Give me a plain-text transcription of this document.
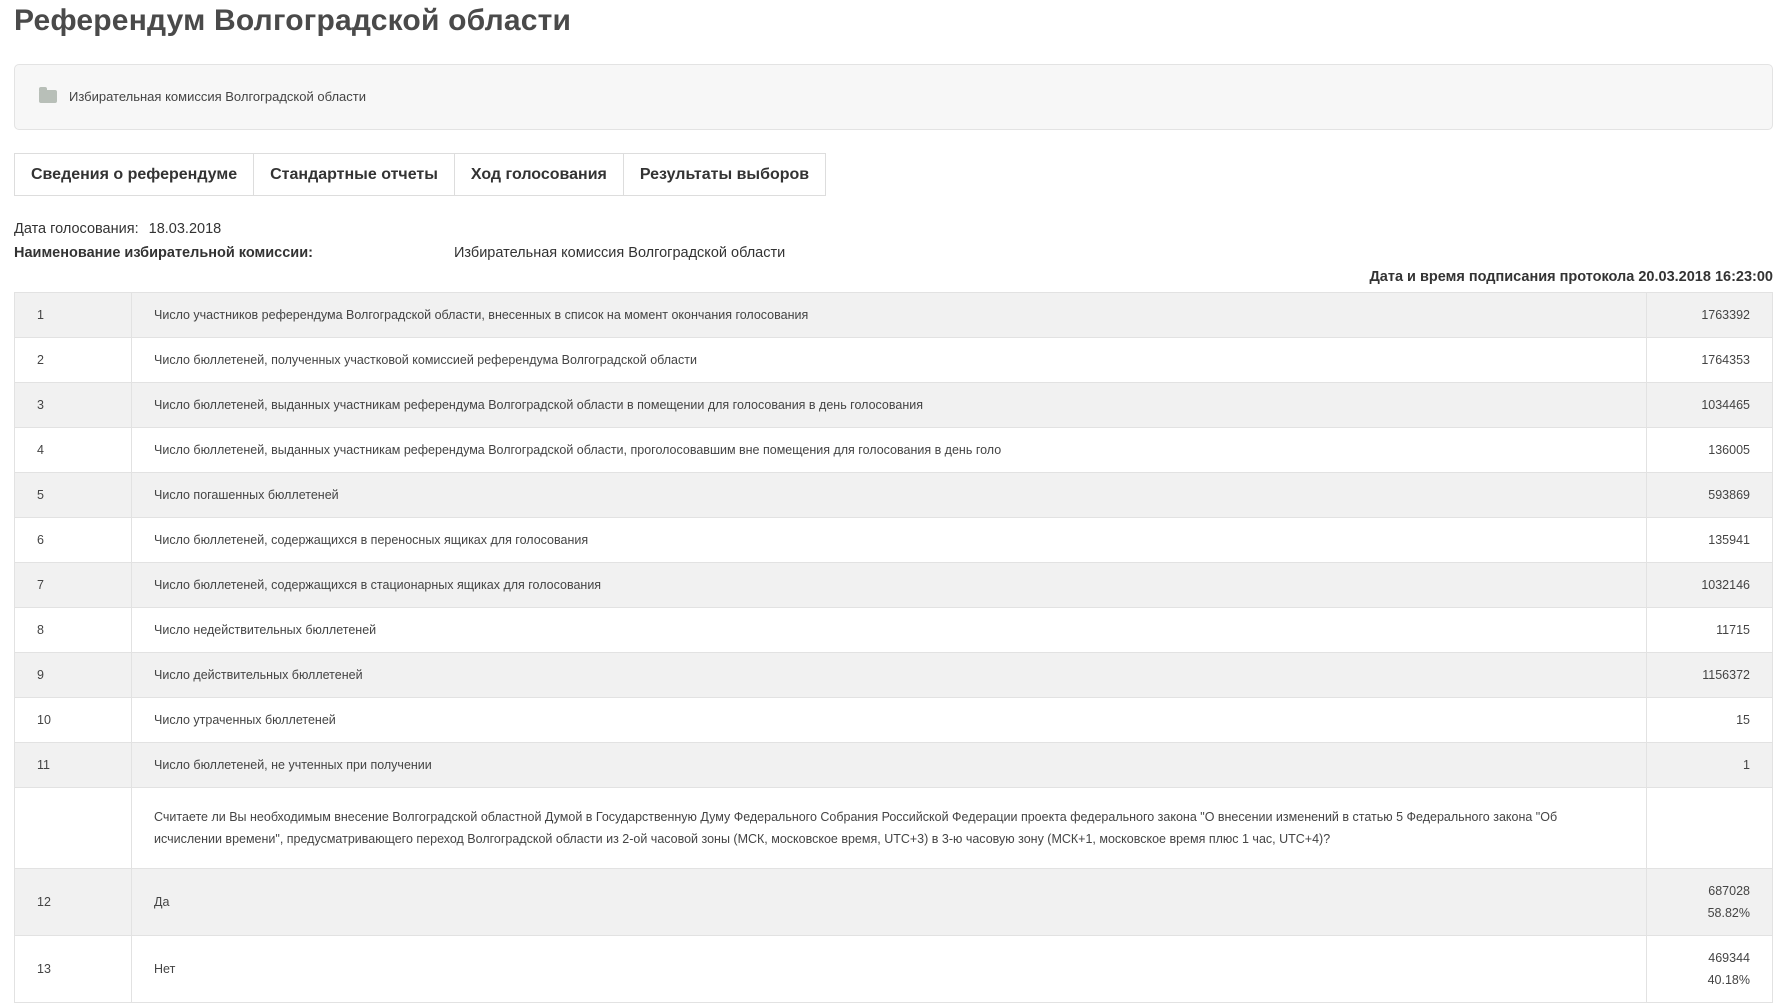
Референдум Волгоградской области
Избирательная комиссия Волгоградской области
Сведения о референдуме	Стандартные отчеты	Ход голосования	Результаты выборов
Дата голосования: 18.03.2018
Наименование избирательной комиссии:	Избирательная комиссия Волгоградской области
Дата и время подписания протокола 20.03.2018 16:23:00
1	Число участников референдума Волгоградской области, внесенных в список на момент окончания голосования	1763392
2	Число бюллетеней, полученных участковой комиссией референдума Волгоградской области	1764353
3	Число бюллетеней, выданных участникам референдума Волгоградской области в помещении для голосования в день голосования	1034465
4	Число бюллетеней, выданных участникам референдума Волгоградской области, проголосовавшим вне помещения для голосования в день голо	136005
5	Число погашенных бюллетеней	593869
6	Число бюллетеней, содержащихся в переносных ящиках для голосования	135941
7	Число бюллетеней, содержащихся в стационарных ящиках для голосования	1032146
8	Число недействительных бюллетеней	11715
9	Число действительных бюллетеней	1156372
10	Число утраченных бюллетеней	15
11	Число бюллетеней, не учтенных при получении	1
	Считаете ли Вы необходимым внесение Волгоградской областной Думой в Государственную Думу Федерального Собрания Российской Федерации проекта федерального закона "О внесении изменений в статью 5 Федерального закона "Об исчислении времени", предусматривающего переход Волгоградской области из 2-ой часовой зоны (МСК, московское время, UTC+3) в 3-ю часовую зону (МСК+1, московское время плюс 1 час, UTC+4)?	
12	Да	687028
58.82%

13	Нет	469344
40.18%
